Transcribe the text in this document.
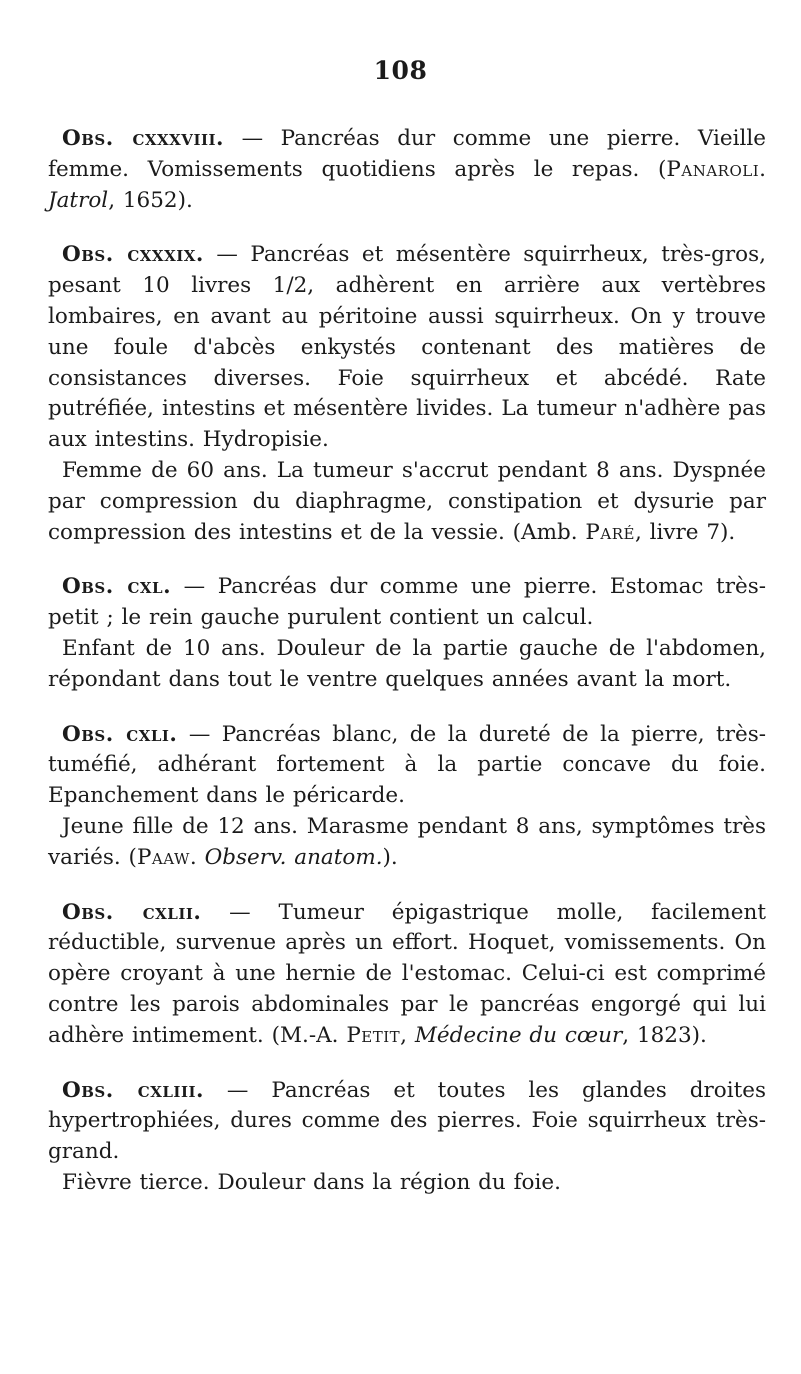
108

Obs. cxxxviii. — Pancréas dur comme une pierre. Vieille femme. Vomissements quotidiens après le repas. (Panaroli. Jatrol, 1652).

Obs. cxxxix. — Pancréas et mésentère squirrheux, très-gros, pesant 10 livres 1/2, adhèrent en arrière aux vertèbres lombaires, en avant au péritoine aussi squirrheux. On y trouve une foule d'abcès enkystés contenant des matières de consistances diverses. Foie squirrheux et abcédé. Rate putréfiée, intestins et mésentère livides. La tumeur n'adhère pas aux intestins. Hydropisie.

Femme de 60 ans. La tumeur s'accrut pendant 8 ans. Dyspnée par compression du diaphragme, constipation et dysurie par compression des intestins et de la vessie. (Amb. Paré, livre 7).

Obs. cxl. — Pancréas dur comme une pierre. Estomac très-petit ; le rein gauche purulent contient un calcul.

Enfant de 10 ans. Douleur de la partie gauche de l'abdomen, répondant dans tout le ventre quelques années avant la mort.

Obs. cxli. — Pancréas blanc, de la dureté de la pierre, très-tuméfié, adhérant fortement à la partie concave du foie. Epanchement dans le péricarde.

Jeune fille de 12 ans. Marasme pendant 8 ans, symptômes très variés. (Paaw. Observ. anatom.).

Obs. cxlii. — Tumeur épigastrique molle, facilement réductible, survenue après un effort. Hoquet, vomissements. On opère croyant à une hernie de l'estomac. Celui-ci est comprimé contre les parois abdominales par le pancréas engorgé qui lui adhère intimement. (M.-A. Petit, Médecine du cœur, 1823).

Obs. cxliii. — Pancréas et toutes les glandes droites hypertrophiées, dures comme des pierres. Foie squirrheux très-grand.

Fièvre tierce. Douleur dans la région du foie.
